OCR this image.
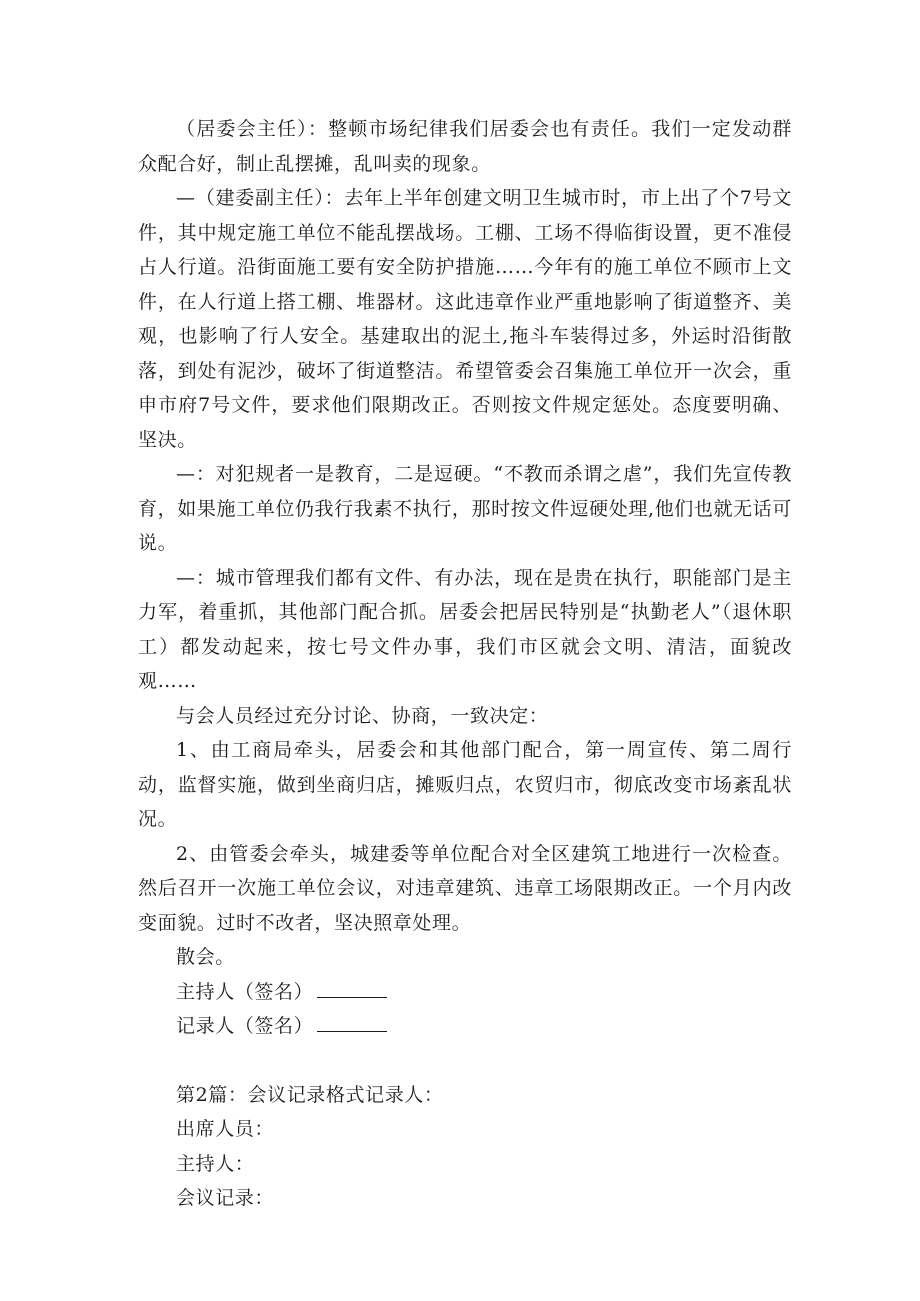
（居委会主任）：整顿市场纪律我们居委会也有责任。我们一定发动群众配合好，制止乱摆摊，乱叫卖的现象。

—（建委副主任）：去年上半年创建文明卫生城市时，市上出了个7号文件，其中规定施工单位不能乱摆战场。工棚、工场不得临街设置，更不准侵占人行道。沿街面施工要有安全防护措施……今年有的施工单位不顾市上文件，在人行道上搭工棚、堆器材。这此违章作业严重地影响了街道整齐、美观，也影响了行人安全。基建取出的泥土,拖斗车装得过多，外运时沿街散落，到处有泥沙，破坏了街道整洁。希望管委会召集施工单位开一次会，重申市府7号文件，要求他们限期改正。否则按文件规定惩处。态度要明确、坚决。

—：对犯规者一是教育，二是逗硬。“不教而杀谓之虐”，我们先宣传教育，如果施工单位仍我行我素不执行，那时按文件逗硬处理,他们也就无话可说。

—：城市管理我们都有文件、有办法，现在是贵在执行，职能部门是主力军，着重抓，其他部门配合抓。居委会把居民特别是“执勤老人”（退休职工）都发动起来，按七号文件办事，我们市区就会文明、清洁，面貌改观……

与会人员经过充分讨论、协商，一致决定：

1、由工商局牵头，居委会和其他部门配合，第一周宣传、第二周行动，监督实施，做到坐商归店，摊贩归点，农贸归市，彻底改变市场紊乱状况。

2、由管委会牵头，城建委等单位配合对全区建筑工地进行一次检查。然后召开一次施工单位会议，对违章建筑、违章工场限期改正。一个月内改变面貌。过时不改者，坚决照章处理。

散会。

主持人（签名）

记录人（签名）

第2篇：会议记录格式记录人：

出席人员：

主持人：

会议记录：
